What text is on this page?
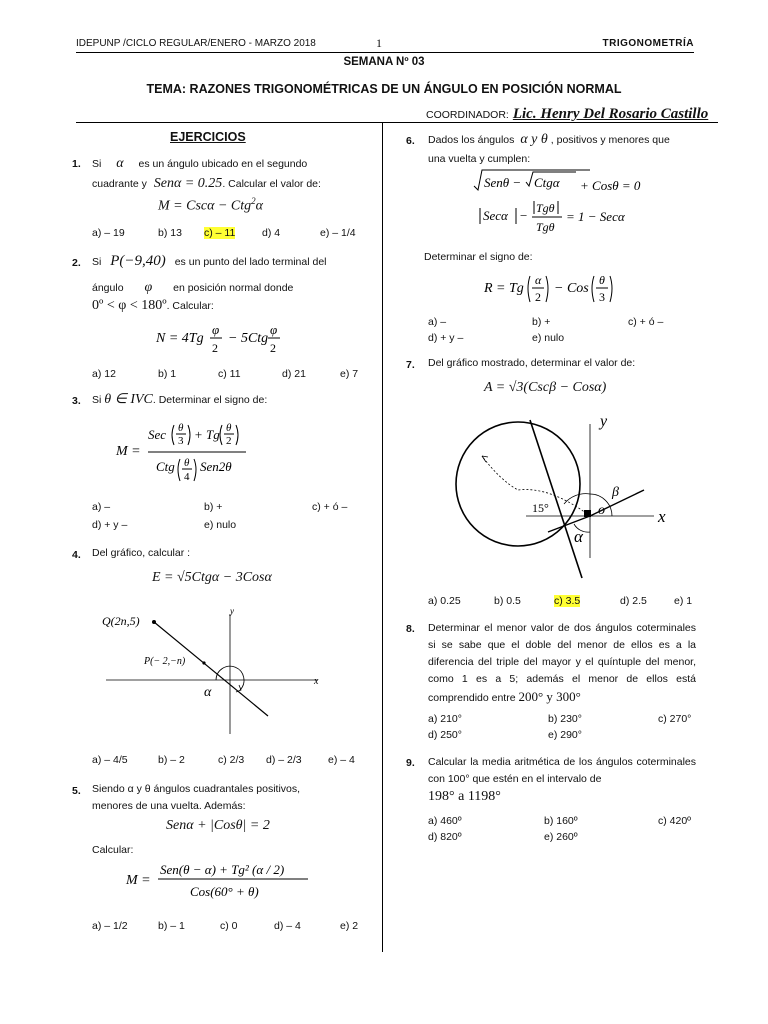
IDEPUNP /CICLO REGULAR/ENERO - MARZO 2018	1	TRIGONOMETRÍA
SEMANA Nº 03
TEMA: RAZONES TRIGONOMÉTRICAS DE UN ÁNGULO EN POSICIÓN NORMAL
COORDINADOR: Lic. Henry Del Rosario Castillo
EJERCICIOS
1. Si α es un ángulo ubicado en el segundo
cuadrante y Senα = 0.25. Calcular el valor de:
M = Cscα − Ctg$^2$α
a) – 19	b) 13 c) – 11	d) 4	e) – 1/4
2. Si P(−9,40) es un punto del lado terminal del
ángulo φ en posición normal donde
0º < φ < 180º. Calcular:
N = 4Tg
φ
2
− 5Ctg
φ
2
a) 12	b) 1	c) 11	d) 21	e) 7
3. Si θ ∈ IVC. Determinar el signo de:
M =
Sec θ
3 + Tg θ
2
Ctg θ
4
Sen2θ
a) –	b) +	c) + ó –
d) + y –	e) nulo
4. Del gráfico, calcular :
E = √5Ctgα − 3Cosα
Q(2n,5)
P(− 2,−n)
x
y
α
a) – 4/5	b) – 2	c) 2/3 d) – 2/3	e) – 4
5. Siendo α y θ ángulos cuadrantales positivos,
menores de una vuelta. Además:
Senα + |Cosθ| = 2
Calcular:
M =
Sen(θ − α) + Tg² (α / 2)
Cos(60° + θ)
a) – 1/2	b) – 1	c) 0	d) – 4	e) 2
6. Dados los ángulos α y θ , positivos y menores que
una vuelta y cumplen:
Senθ − Ctgα + Cosθ = 0
Secα − Tgθ
Tgθ
= 1 − Secα
Determinar el signo de:
R = Tg
α
2
− Cos
θ
3
a) –	b) +	c) + ó –
d) + y –	e) nulo
7. Del gráfico mostrado, determinar el valor de:
A = √3(Cscβ − Cosα)
y
x
β
α
o
15°
a) 0.25	b) 0.5	c) 3.5	d) 2.5	e) 1
8. Determinar el menor valor de dos ángulos coterminales si se sabe que el doble del menor de ellos es a la diferencia del triple del mayor y el quíntuple del menor, como 1 es a 5; además el menor de ellos está comprendido entre 200° y 300°
a) 210°	b) 230°	c) 270°
d) 250°	e) 290°
9. Calcular la media aritmética de los ángulos coterminales con 100° que estén en el intervalo de
198° a 1198°
a) 460º	b) 160º	c) 420º
d) 820º	e) 260º
